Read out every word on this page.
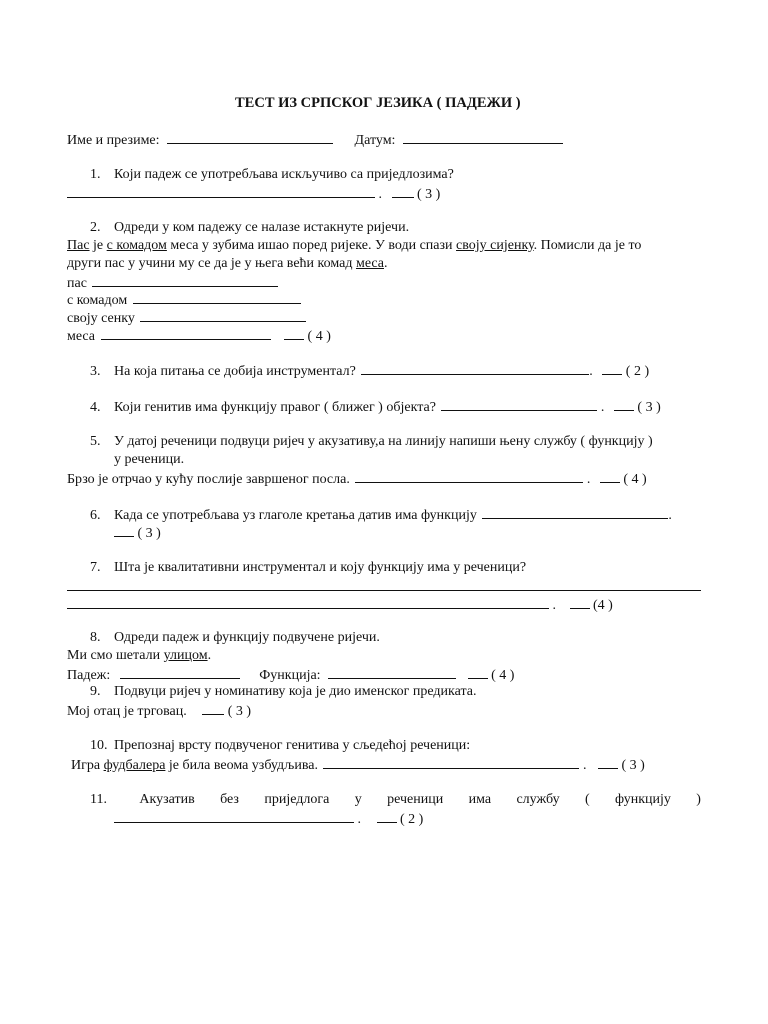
ТЕСТ ИЗ СРПСКОГ ЈЕЗИКА ( ПАДЕЖИ )
Име и презиме:	Датум:
1. Који падеж се употребљава искључиво са приједлозима?
.  ( 3 )
2. Одреди у ком падежу се налазе истакнуте ријечи.
Пас је с комадом меса у зубима ишао поред ријеке. У води спази своју сијенку. Помисли да је то
други пас у учини му се да је у њега већи комад меса.
пас
с комадом
своју сенку
меса	( 4 )
3. На која питања се добија инструментал?	.  ( 2 )
4. Који генитив има функцију правог ( ближег ) објекта?	.  ( 3 )
5. У датој реченици подвуци ријеч у акузативу,а на линију напиши њену службу ( функцију )
у реченици.
Брзо је отрчао у кућу послије завршеног посла.	.  ( 4 )
6. Када се употребљава уз глаголе кретања датив има функцију	.
( 3 )
7. Шта је квалитативни инструментал и коју функцију има у реченици?
.  (4 )
8. Одреди падеж и функцију подвучене ријечи.
Ми смо шетали улицом.
Падеж:	Функција:	( 4 )
9. Подвуци ријеч у номинативу која је дио именског предиката.
Мој отац је трговац.	( 3 )
10. Препознај врсту подвученог генитива у сљедећој реченици:
Игра фудбалера је била веома узбудљива.	.  ( 3 )
11.	Акузатив без приједлога у реченици има службу ( функцију )
.	( 2 )
